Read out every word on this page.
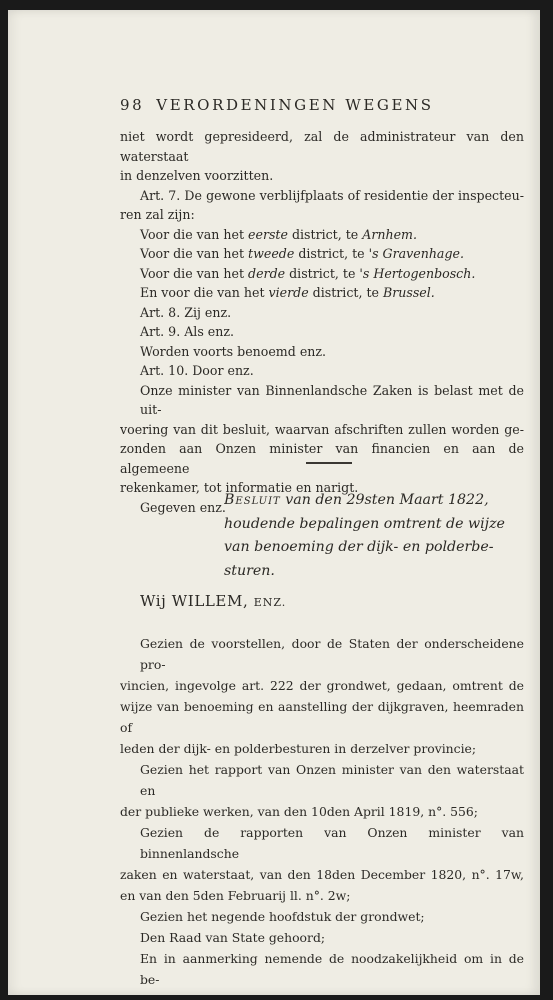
98 VERORDENINGEN WEGENS
niet wordt gepresideerd, zal de administrateur van den waterstaat
in denzelven voorzitten.
Art. 7. De gewone verblijfplaats of residentie der inspecteu-
ren zal zijn:
Voor die van het eerste district, te Arnhem.
Voor die van het tweede district, te 's Gravenhage.
Voor die van het derde district, te 's Hertogenbosch.
En voor die van het vierde district, te Brussel.
Art. 8. Zij enz.
Art. 9. Als enz.
Worden voorts benoemd enz.
Art. 10. Door enz.
Onze minister van Binnenlandsche Zaken is belast met de uit-
voering van dit besluit, waarvan afschriften zullen worden ge-
zonden aan Onzen minister van financien en aan de algemeene
rekenkamer, tot informatie en narigt.
Gegeven enz.
Besluit van den 29sten Maart 1822,
houdende bepalingen omtrent de wijze
van benoeming der dijk- en polderbe-
sturen.
Wij WILLEM, ENZ.
Gezien de voorstellen, door de Staten der onderscheidene pro-
vincien, ingevolge art. 222 der grondwet, gedaan, omtrent de
wijze van benoeming en aanstelling der dijkgraven, heemraden of
leden der dijk- en polderbesturen in derzelver provincie;
Gezien het rapport van Onzen minister van den waterstaat en
der publieke werken, van den 10den April 1819, n°. 556;
Gezien de rapporten van Onzen minister van binnenlandsche
zaken en waterstaat, van den 18den December 1820, n°. 17w,
en van den 5den Februarij ll. n°. 2w;
Gezien het negende hoofdstuk der grondwet;
Den Raad van State gehoord;
En in aanmerking nemende de noodzakelijkheid om in de be-
